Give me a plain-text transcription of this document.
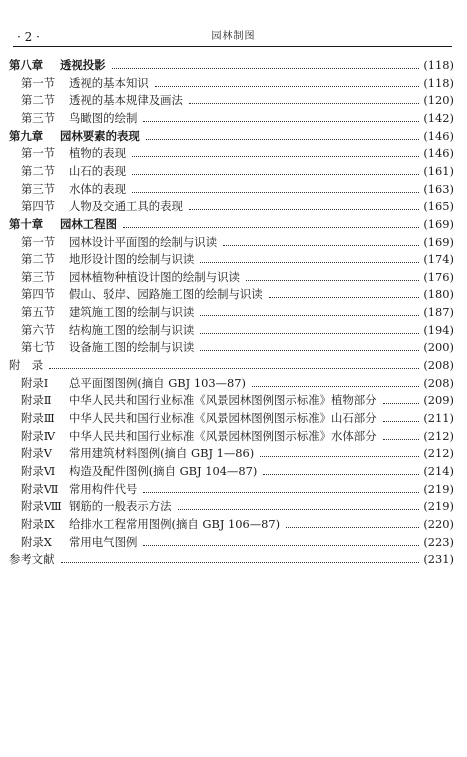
· 2 ·	园林制图
第八章 透视投影	(118)
第一节 透视的基本知识	(118)
第二节 透视的基本规律及画法	(120)
第三节 鸟瞰图的绘制	(142)
第九章 园林要素的表现	(146)
第一节 植物的表现	(146)
第二节 山石的表现	(161)
第三节 水体的表现	(163)
第四节 人物及交通工具的表现	(165)
第十章 园林工程图	(169)
第一节 园林设计平面图的绘制与识读	(169)
第二节 地形设计图的绘制与识读	(174)
第三节 园林植物种植设计图的绘制与识读	(176)
第四节 假山、驳岸、园路施工图的绘制与识读	(180)
第五节 建筑施工图的绘制与识读	(187)
第六节 结构施工图的绘制与识读	(194)
第七节 设备施工图的绘制与识读	(200)
附　录	(208)
附录Ⅰ 总平面图图例(摘自 GBJ 103—87)	(208)
附录Ⅱ 中华人民共和国行业标准《风景园林图例图示标准》植物部分	(209)
附录Ⅲ 中华人民共和国行业标准《风景园林图例图示标准》山石部分	(211)
附录Ⅳ 中华人民共和国行业标准《风景园林图例图示标准》水体部分	(212)
附录Ⅴ 常用建筑材料图例(摘自 GBJ 1—86)	(212)
附录Ⅵ 构造及配件图例(摘自 GBJ 104—87)	(214)
附录Ⅶ 常用构件代号	(219)
附录Ⅷ 钢筋的一般表示方法	(219)
附录Ⅸ 给排水工程常用图例(摘自 GBJ 106—87)	(220)
附录Ⅹ 常用电气图例	(223)
参考文献	(231)
